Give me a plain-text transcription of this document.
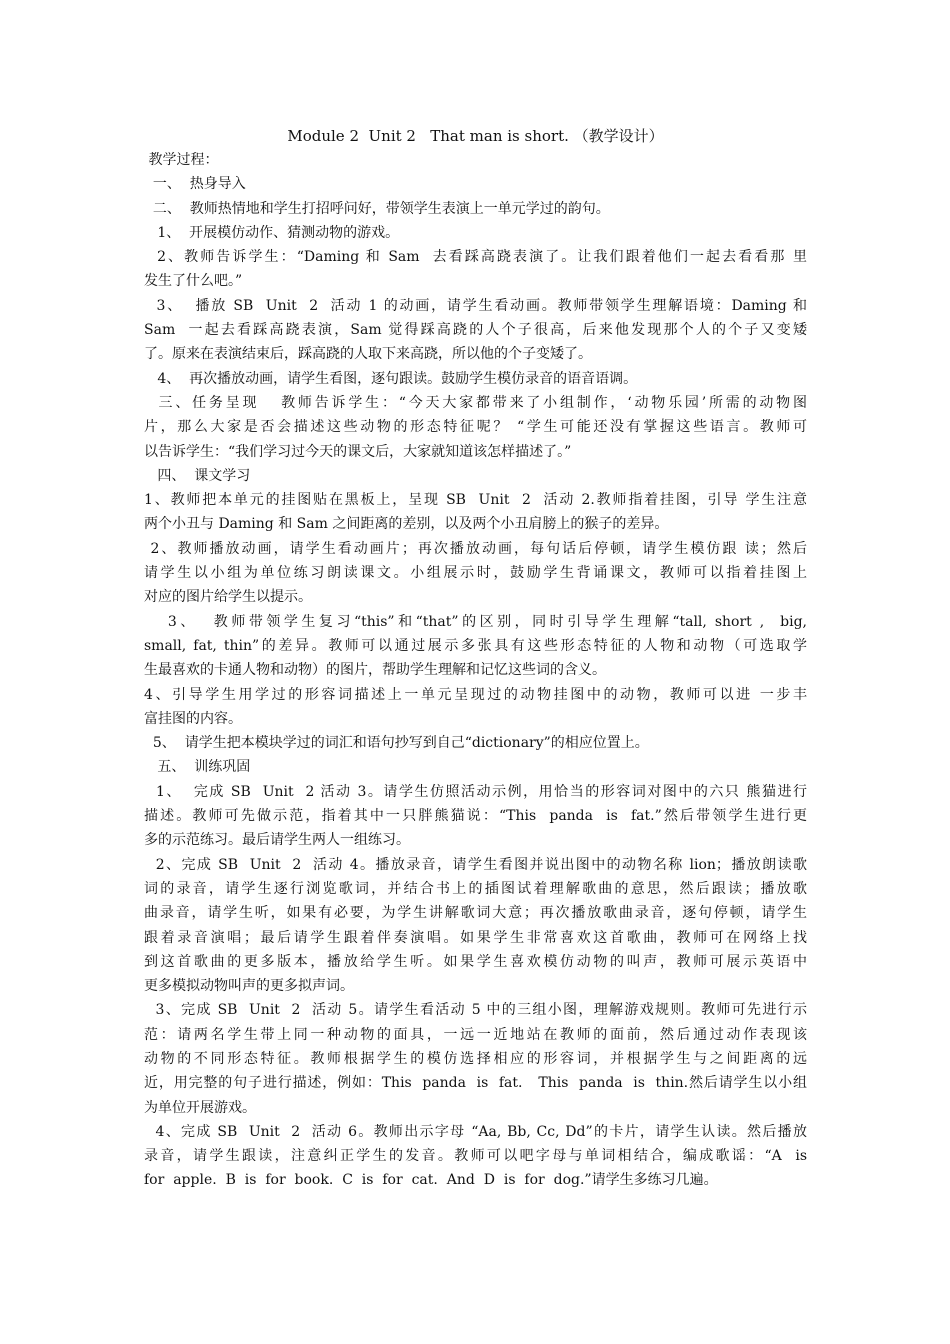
Module 2  Unit 2   That man is short. （教学设计）
教学过程：
一、  热身导入
二、  教师热情地和学生打招呼问好，带领学生表演上一单元学过的韵句。
1、  开展模仿动作、猜测动物的游戏。
2、教师告诉学生：“Daming 和 Sam  去看踩高跷表演了。让我们跟着他们一起去看看那 里
发生了什么吧。”
3、  播放 SB  Unit  2  活动 1 的动画，请学生看动画。教师带领学生理解语境：Daming 和
Sam  一起去看踩高跷表演，Sam 觉得踩高跷的人个子很高，后来他发现那个人的个子又变矮
了。原来在表演结束后，踩高跷的人取下来高跷，所以他的个子变矮了。
4、  再次播放动画，请学生看图，逐句跟读。鼓励学生模仿录音的语音语调。
三、任务呈现   教师告诉学生：“今天大家都带来了小组制作，‘动物乐园’所需的动物图
片，那么大家是否会描述这些动物的形态特征呢？ “学生可能还没有掌握这些语言。教师可
以告诉学生：“我们学习过今天的课文后，大家就知道该怎样描述了。”
四、  课文学习
1、教师把本单元的挂图贴在黑板上，呈现 SB  Unit  2  活动 2.教师指着挂图，引导 学生注意
两个小丑与 Daming 和 Sam 之间距离的差别，以及两个小丑肩膀上的猴子的差异。
2、教师播放动画，请学生看动画片；再次播放动画，每句话后停顿，请学生模仿跟 读；然后
请学生以小组为单位练习朗读课文。小组展示时，鼓励学生背诵课文，教师可以指着挂图上
对应的图片给学生以提示。
3、  教师带领学生复习“this”和“that”的区别，同时引导学生理解“tall, short ,  big,
small, fat, thin”的差异。教师可以通过展示多张具有这些形态特征的人物和动物（可选取学
生最喜欢的卡通人物和动物）的图片，帮助学生理解和记忆这些词的含义。
4、引导学生用学过的形容词描述上一单元呈现过的动物挂图中的动物，教师可以进 一步丰
富挂图的内容。
5、  请学生把本模块学过的词汇和语句抄写到自己“dictionary”的相应位置上。
五、  训练巩固
1、  完成 SB  Unit  2 活动 3。请学生仿照活动示例，用恰当的形容词对图中的六只 熊猫进行
描述。教师可先做示范，指着其中一只胖熊猫说：“This  panda  is  fat.”然后带领学生进行更
多的示范练习。最后请学生两人一组练习。
2、完成 SB  Unit  2  活动 4。播放录音，请学生看图并说出图中的动物名称 lion；播放朗读歌
词的录音，请学生逐行浏览歌词，并结合书上的插图试着理解歌曲的意思，然后跟读；播放歌
曲录音，请学生听，如果有必要，为学生讲解歌词大意；再次播放歌曲录音，逐句停顿，请学生
跟着录音演唱；最后请学生跟着伴奏演唱。如果学生非常喜欢这首歌曲，教师可在网络上找
到这首歌曲的更多版本，播放给学生听。如果学生喜欢模仿动物的叫声，教师可展示英语中
更多模拟动物叫声的更多拟声词。
3、完成 SB  Unit  2  活动 5。请学生看活动 5 中的三组小图，理解游戏规则。教师可先进行示
范：请两名学生带上同一种动物的面具，一远一近地站在教师的面前，然后通过动作表现该
动物的不同形态特征。教师根据学生的模仿选择相应的形容词，并根据学生与之间距离的远
近，用完整的句子进行描述，例如：This  panda  is  fat.   This  panda  is  thin.然后请学生以小组
为单位开展游戏。
4、完成 SB  Unit  2  活动 6。教师出示字母 “Aa, Bb, Cc, Dd”的卡片，请学生认读。然后播放
录音，请学生跟读，注意纠正学生的发音。教师可以吧字母与单词相结合，编成歌谣：“A  is
for  apple.  B  is  for  book.  C  is  for  cat.  And  D  is  for  dog.”请学生多练习几遍。
